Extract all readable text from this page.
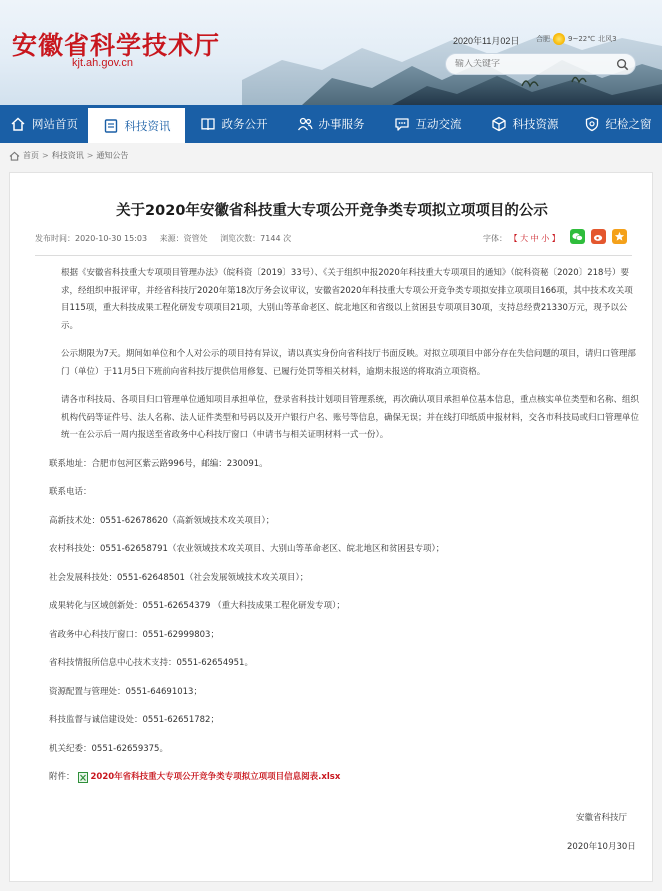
安徽省科学技术厅
kjt.ah.gov.cn
2020年11月02日 合肥	9~22℃ 北风3
输入关键字
网站首页	科技资讯	政务公开	办事服务	互动交流	科技资源	纪检之窗
首页 > 科技资讯 > 通知公告
关于2020年安徽省科技重大专项公开竞争类专项拟立项项目的公示
发布时间：2020-10-30 15:03 来源：资管处 浏览次数：7144 次	字体： 【 大 中 小 】

根据《安徽省科技重大专项项目管理办法》（皖科资〔2019〕33号）、《关于组织申报2020年科技重大专项项目的通知》（皖科资秘〔2020〕218号）要求，经组织申报评审，并经省科技厅2020年第18次厅务会议审议，安徽省2020年科技重大专项公开竞争类专项拟安排立项项目166项，其中技术攻关项目115项，重大科技成果工程化研发专项项目21项，大别山等革命老区、皖北地区和省级以上贫困县专项项目30项，支持总经费21330万元，现予以公示。

公示期限为7天。期间如单位和个人对公示的项目持有异议，请以真实身份向省科技厅书面反映。对拟立项项目中部分存在失信问题的项目，请归口管理部门（单位）于11月5日下班前向省科技厅提供信用修复、已履行处罚等相关材料，逾期未报送的将取消立项资格。

请各市科技局、各项目归口管理单位通知项目承担单位，登录省科技计划项目管理系统，再次确认项目承担单位基本信息，重点核实单位类型和名称、组织机构代码等证件号、法人名称、法人证件类型和号码以及开户银行户名、账号等信息，确保无误；并在线打印纸质申报材料，交各市科技局或归口管理单位统一在公示后一周内报送至省政务中心科技厅窗口（申请书与相关证明材料一式一份）。

联系地址：合肥市包河区紫云路996号，邮编：230091。
联系电话：
高新技术处：0551-62678620（高新领域技术攻关项目）；
农村科技处：0551-62658791（农业领域技术攻关项目、大别山等革命老区、皖北地区和贫困县专项）；
社会发展科技处：0551-62648501（社会发展领域技术攻关项目）；
成果转化与区域创新处：0551-62654379 （重大科技成果工程化研发专项）；
省政务中心科技厅窗口：0551-62999803；
省科技情报所信息中心技术支持：0551-62654951。
资源配置与管理处：0551-64691013；
科技监督与诚信建设处：0551-62651782；
机关纪委：0551-62659375。
附件： 2020年省科技重大专项公开竞争类专项拟立项项目信息阅表.xlsx
安徽省科技厅
2020年10月30日
